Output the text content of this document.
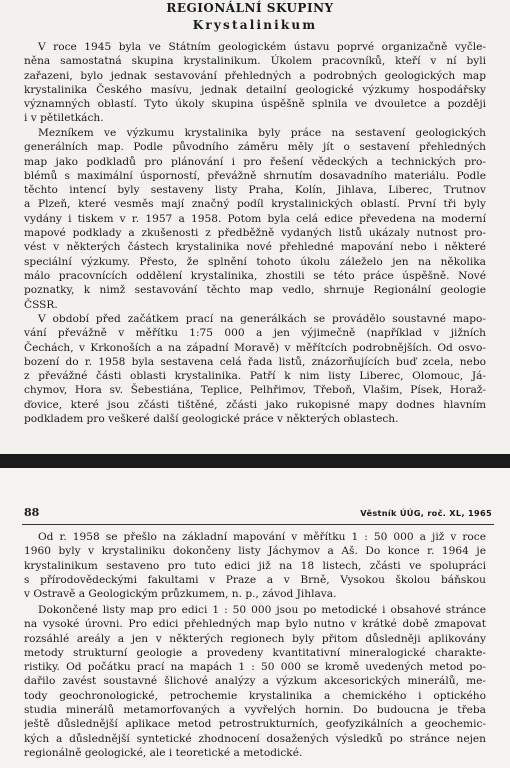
REGIONÁLNÍ SKUPINY
Krystalinikum
V roce 1945 byla ve Státním geologickém ústavu poprvé organizačně vyčle-
něna samostatná skupina krystalinikum. Úkolem pracovníků, kteří v ní byli
zařazeni, bylo jednak sestavování přehledných a podrobných geologických map
krystalinika Českého masívu, jednak detailní geologické výzkumy hospodářsky
významných oblastí. Tyto úkoly skupina úspěšně splnila ve dvouletce a později
i v pětiletkách.
Mezníkem ve výzkumu krystalinika byly práce na sestavení geologických
generálních map. Podle původního záměru měly jít o sestavení přehledných
map jako podkladů pro plánování i pro řešení vědeckých a technických pro-
blémů s maximální úsporností, převážně shrnutím dosavadního materiálu. Podle
těchto intencí byly sestaveny listy Praha, Kolín, Jihlava, Liberec, Trutnov
a Plzeň, které vesměs mají značný podíl krystalinických oblastí. První tři byly
vydány i tiskem v r. 1957 a 1958. Potom byla celá edice převedena na moderní
mapové podklady a zkušenosti z předběžně vydaných listů ukázaly nutnost pro-
vést v některých částech krystalinika nové přehledné mapování nebo i některé
speciální výzkumy. Přesto, že splnění tohoto úkolu záleželo jen na několika
málo pracovnících oddělení krystalinika, zhostili se této práce úspěšně. Nové
poznatky, k nimž sestavování těchto map vedlo, shrnuje Regionální geologie
ČSSR.
V období před začátkem prací na generálkách se provádělo soustavné mapo-
vání převážně v měřítku 1:75 000 a jen výjimečně (například v jižních
Čechách, v Krkonoších a na západní Moravě) v měřítcích podrobnějších. Od osvo-
bození do r. 1958 byla sestavena celá řada listů, znázorňujících buď zcela, nebo
z převážné části oblasti krystalinika. Patří k nim listy Liberec, Olomouc, Já-
chymov, Hora sv. Šebestiána, Teplice, Pelhřimov, Třeboň, Vlašim, Písek, Horaž-
ďovice, které jsou zčásti tištěné, zčásti jako rukopisné mapy dodnes hlavním
podkladem pro veškeré další geologické práce v některých oblastech.
88	Věstník ÚÚG, roč. XL, 1965
Od r. 1958 se přešlo na základní mapování v měřítku 1 : 50 000 a již v roce
1960 byly v krystaliniku dokončeny listy Jáchymov a Aš. Do konce r. 1964 je
krystalinikum sestaveno pro tuto edici již na 18 listech, zčásti ve spolupráci
s přírodovědeckými fakultami v Praze a v Brně, Vysokou školou báňskou
v Ostravě a Geologickým průzkumem, n. p., závod Jihlava.
Dokončené listy map pro edici 1 : 50 000 jsou po metodické i obsahové stránce
na vysoké úrovni. Pro edici přehledných map bylo nutno v krátké době zmapovat
rozsáhlé areály a jen v některých regionech byly přitom důsledněji aplikovány
metody strukturní geologie a provedeny kvantitativní mineralogické charakte-
ristiky. Od počátku prací na mapách 1 : 50 000 se kromě uvedených metod po-
dařilo zavést soustavné šlichové analýzy a výzkum akcesorických minerálů, me-
tody geochronologické, petrochemie krystalinika a chemického i optického
studia minerálů metamorfovaných a vyvřelých hornin. Do budoucna je třeba
ještě důslednější aplikace metod petrostrukturních, geofyzikálních a geochemic-
kých a důslednější syntetické zhodnocení dosažených výsledků po stránce nejen
regionálně geologické, ale i teoretické a metodické.
